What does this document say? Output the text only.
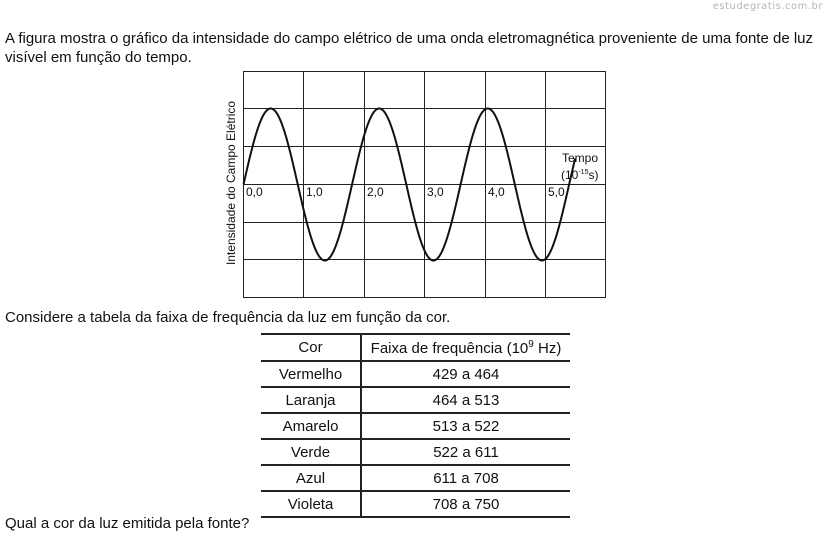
estudegratis.com.br

A figura mostra o gráfico da intensidade do campo elétrico de uma onda eletromagnética proveniente de uma fonte de luz visível em função do tempo.

0,0	1,0	2,0	3,0	4,0	5,0
Tempo
$(10^{-15}s)$
Intensidade do Campo Elétrico

Considere a tabela da faixa de frequência da luz em função da cor.

Cor	Faixa de frequência ($10^9$ Hz)
Vermelho	429 a 464
Laranja	464 a 513
Amarelo	513 a 522
Verde	522 a 611
Azul	611 a 708
Violeta	708 a 750

Qual a cor da luz emitida pela fonte?
